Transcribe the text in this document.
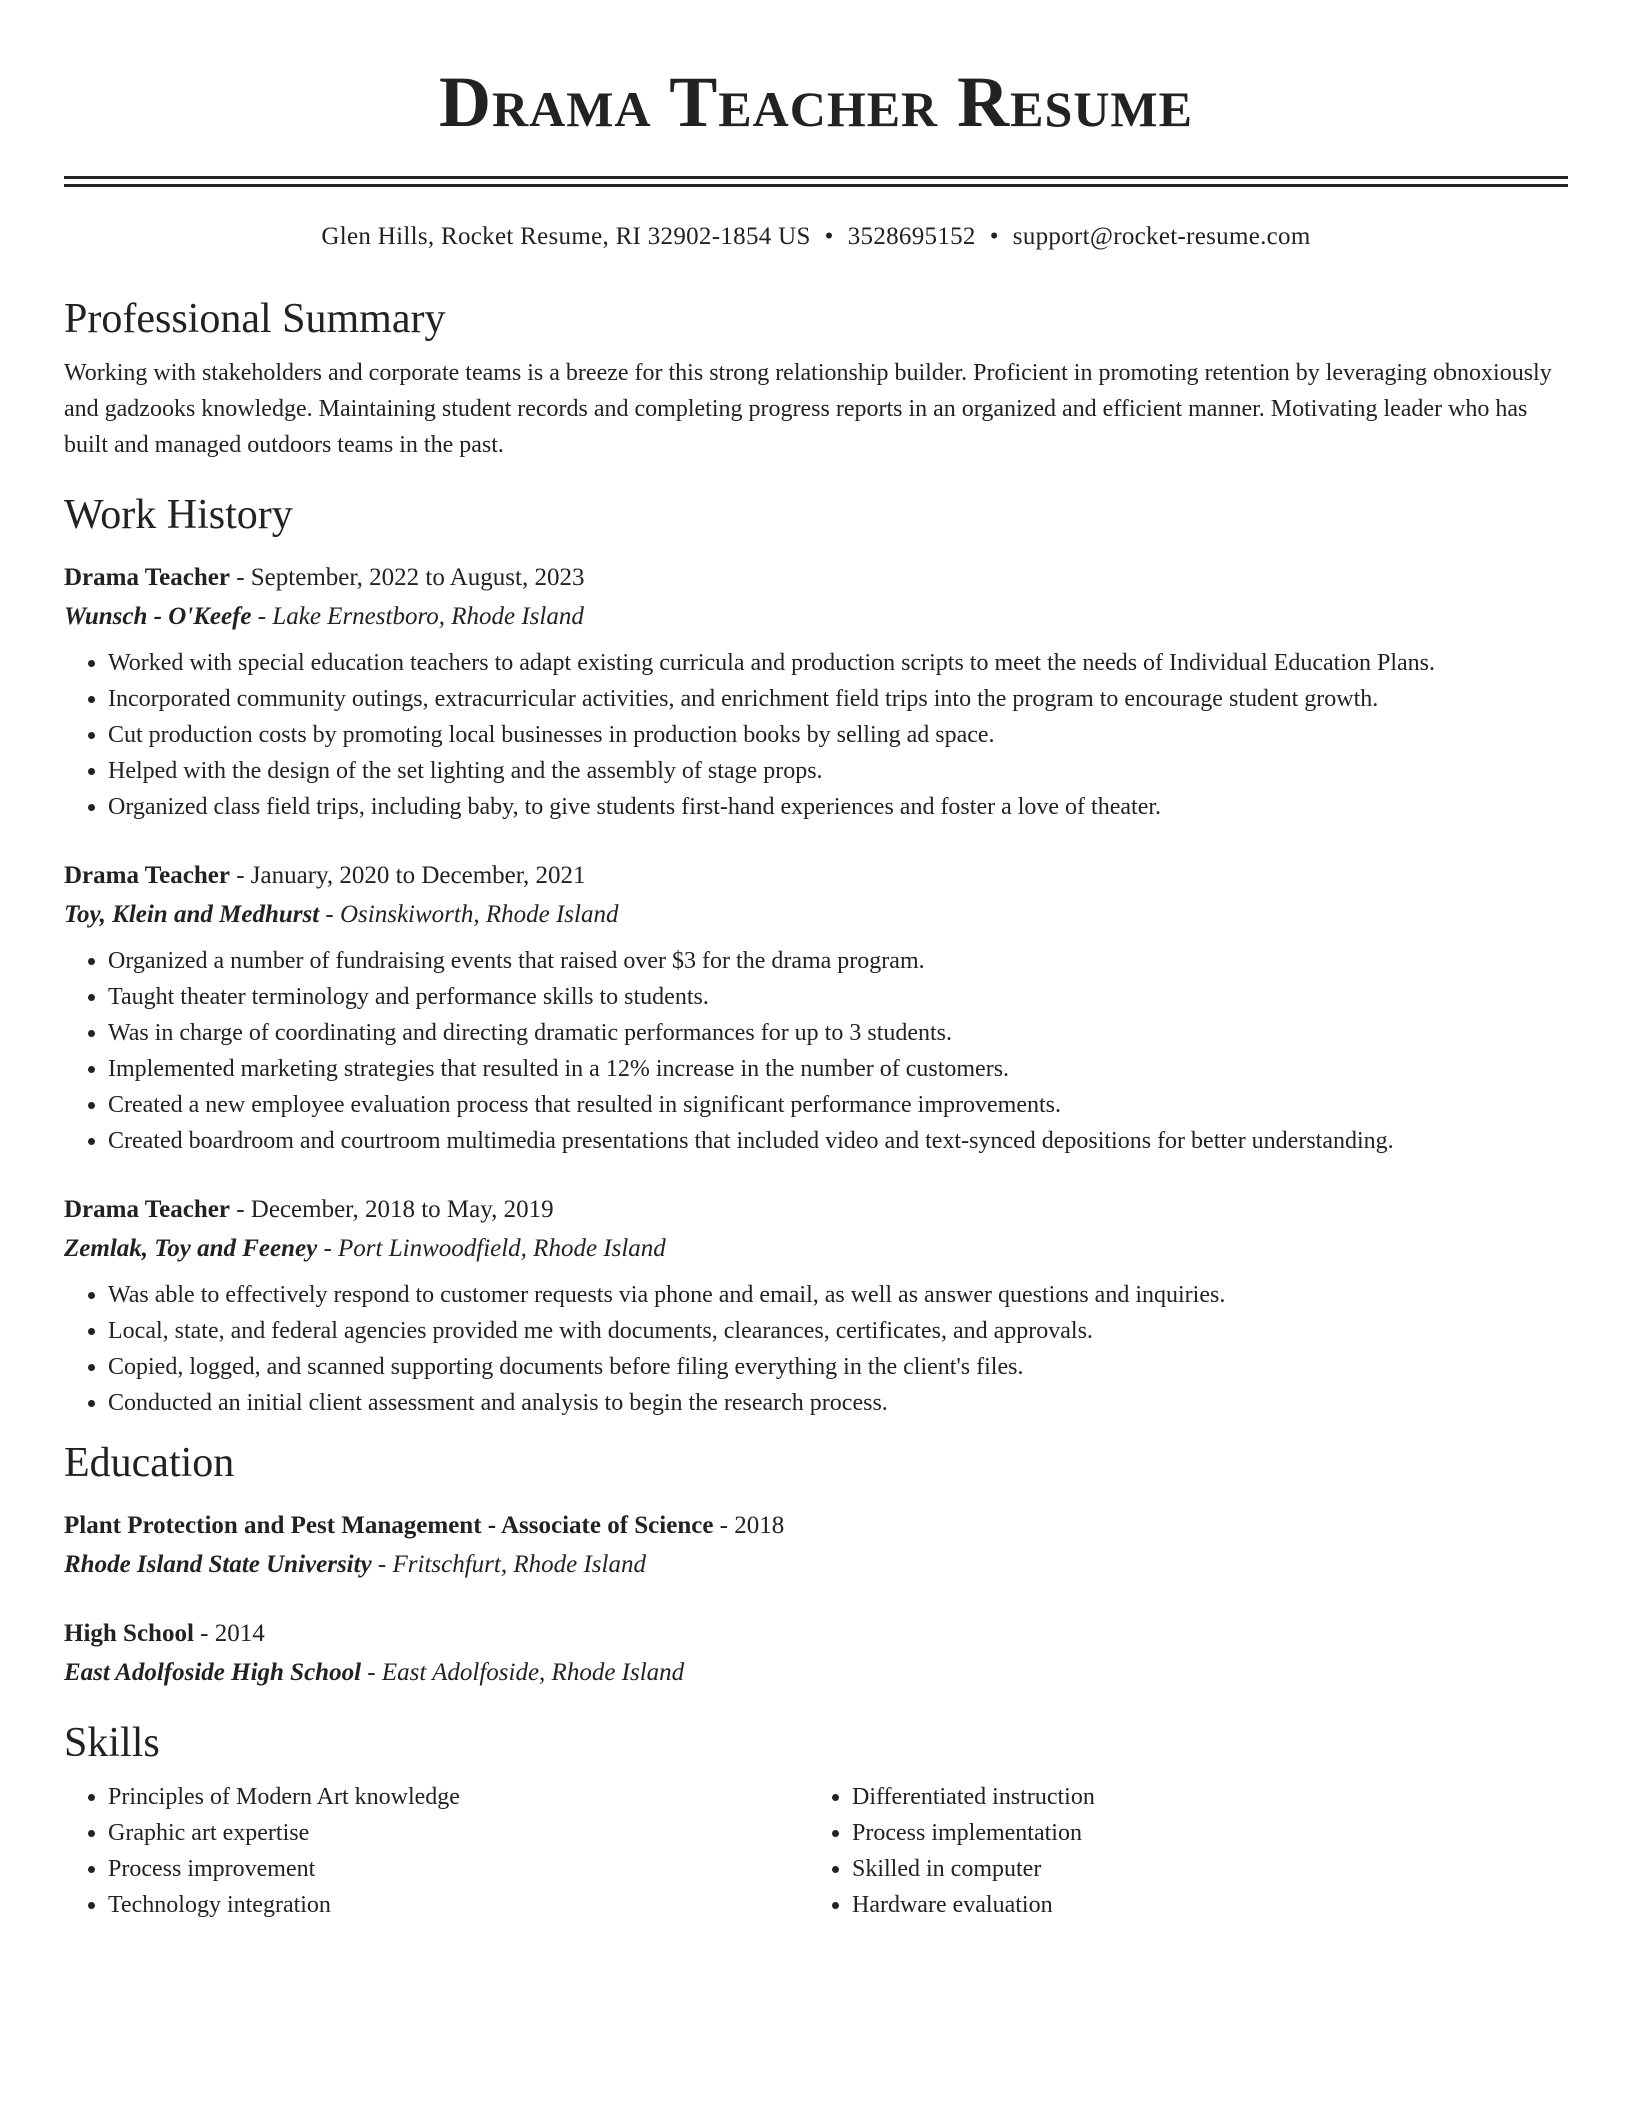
Drama Teacher Resume
Glen Hills, Rocket Resume, RI 32902-1854 US • 3528695152 • support@rocket-resume.com
Professional Summary
Working with stakeholders and corporate teams is a breeze for this strong relationship builder. Proficient in promoting retention by leveraging obnoxiously and gadzooks knowledge. Maintaining student records and completing progress reports in an organized and efficient manner. Motivating leader who has built and managed outdoors teams in the past.
Work History
Drama Teacher - September, 2022 to August, 2023
Wunsch - O'Keefe - Lake Ernestboro, Rhode Island
• Worked with special education teachers to adapt existing curricula and production scripts to meet the needs of Individual Education Plans.
• Incorporated community outings, extracurricular activities, and enrichment field trips into the program to encourage student growth.
• Cut production costs by promoting local businesses in production books by selling ad space.
• Helped with the design of the set lighting and the assembly of stage props.
• Organized class field trips, including baby, to give students first-hand experiences and foster a love of theater.
Drama Teacher - January, 2020 to December, 2021
Toy, Klein and Medhurst - Osinskiworth, Rhode Island
• Organized a number of fundraising events that raised over $3 for the drama program.
• Taught theater terminology and performance skills to students.
• Was in charge of coordinating and directing dramatic performances for up to 3 students.
• Implemented marketing strategies that resulted in a 12% increase in the number of customers.
• Created a new employee evaluation process that resulted in significant performance improvements.
• Created boardroom and courtroom multimedia presentations that included video and text-synced depositions for better understanding.
Drama Teacher - December, 2018 to May, 2019
Zemlak, Toy and Feeney - Port Linwoodfield, Rhode Island
• Was able to effectively respond to customer requests via phone and email, as well as answer questions and inquiries.
• Local, state, and federal agencies provided me with documents, clearances, certificates, and approvals.
• Copied, logged, and scanned supporting documents before filing everything in the client's files.
• Conducted an initial client assessment and analysis to begin the research process.
Education
Plant Protection and Pest Management - Associate of Science - 2018
Rhode Island State University - Fritschfurt, Rhode Island
High School - 2014
East Adolfoside High School - East Adolfoside, Rhode Island
Skills
• Principles of Modern Art knowledge
• Graphic art expertise
• Process improvement
• Technology integration
• Differentiated instruction
• Process implementation
• Skilled in computer
• Hardware evaluation
